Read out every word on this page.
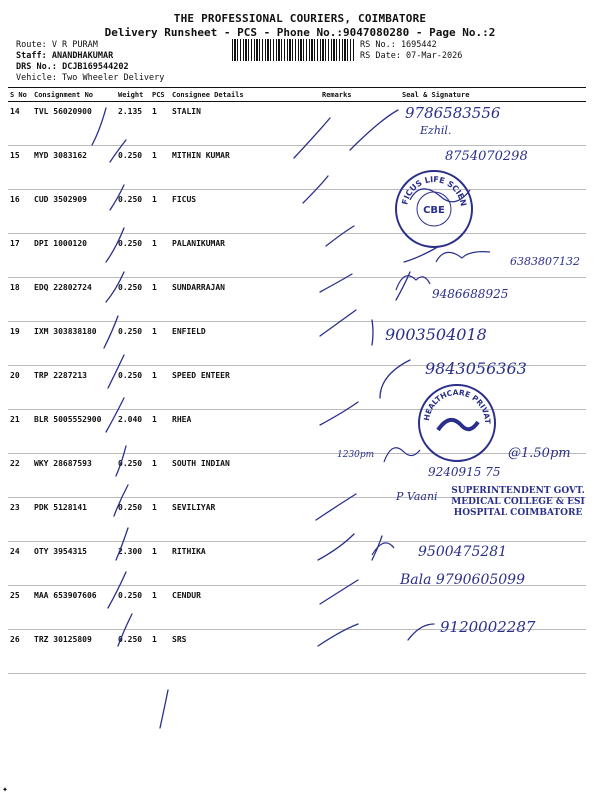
THE PROFESSIONAL COURIERS, COIMBATORE
Delivery Runsheet - PCS - Phone No.:9047080280 - Page No.:2
Route: V R PURAM
Staff: ANANDHAKUMAR
DRS No.: DCJB169544202
Vehicle: Two Wheeler Delivery
RS No.: 1695442
RS Date: 07-Mar-2026
S No	Consignment No	Weight	PCS	Consignee Details	Remarks	Seal & Signature
14	TVL 56020900	2.135	1	STALIN		
15	MYD 3083162	0.250	1	MITHIN KUMAR		
16	CUD 3502909	0.250	1	FICUS		
17	DPI 1000120	0.250	1	PALANIKUMAR		
18	EDQ 22802724	0.250	1	SUNDARRAJAN		
19	IXM 303838180	0.250	1	ENFIELD		
20	TRP 2287213	0.250	1	SPEED ENTEER		
21	BLR 5005552900	2.040	1	RHEA		
22	WKY 28687593	0.250	1	SOUTH INDIAN		
23	PDK 5128141	0.250	1	SEVILIYAR		
24	OTY 3954315	2.300	1	RITHIKA		
25	MAA 653907606	0.250	1	CENDUR		
26	TRZ 30125809	0.250	1	SRS		
9786583556
Ezhil.
8754070298
6383807132
9486688925
9003504018
9843056363
1230pm	@1.50pm
9240915 75
P Vaani
9500475281
Bala 9790605099
9120002287
FICUS LIFE SCIEN
CBE
HEALTHCARE PRIVAT
SUPERINTENDENT GOVT. MEDICAL COLLEGE & ESI HOSPITAL COIMBATORE
✦
